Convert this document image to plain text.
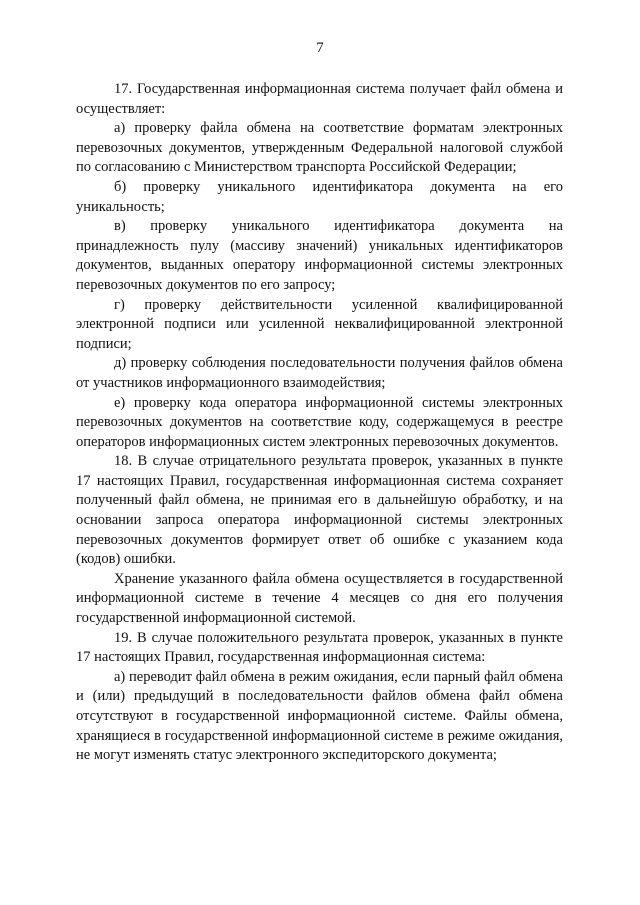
7

17. Государственная информационная система получает файл обмена и осуществляет:

а) проверку файла обмена на соответствие форматам электронных перевозочных документов, утвержденным Федеральной налоговой службой по согласованию с Министерством транспорта Российской Федерации;

б) проверку уникального идентификатора документа на его уникальность;

в) проверку уникального идентификатора документа на принадлежность пулу (массиву значений) уникальных идентификаторов документов, выданных оператору информационной системы электронных перевозочных документов по его запросу;

г) проверку действительности усиленной квалифицированной электронной подписи или усиленной неквалифицированной электронной подписи;

д) проверку соблюдения последовательности получения файлов обмена от участников информационного взаимодействия;

е) проверку кода оператора информационной системы электронных перевозочных документов на соответствие коду, содержащемуся в реестре операторов информационных систем электронных перевозочных документов.

18. В случае отрицательного результата проверок, указанных в пункте 17 настоящих Правил, государственная информационная система сохраняет полученный файл обмена, не принимая его в дальнейшую обработку, и на основании запроса оператора информационной системы электронных перевозочных документов формирует ответ об ошибке с указанием кода (кодов) ошибки.

Хранение указанного файла обмена осуществляется в государственной информационной системе в течение 4 месяцев со дня его получения государственной информационной системой.

19. В случае положительного результата проверок, указанных в пункте 17 настоящих Правил, государственная информационная система:

а) переводит файл обмена в режим ожидания, если парный файл обмена и (или) предыдущий в последовательности файлов обмена файл обмена отсутствуют в государственной информационной системе. Файлы обмена, хранящиеся в государственной информационной системе в режиме ожидания, не могут изменять статус электронного экспедиторского документа;
